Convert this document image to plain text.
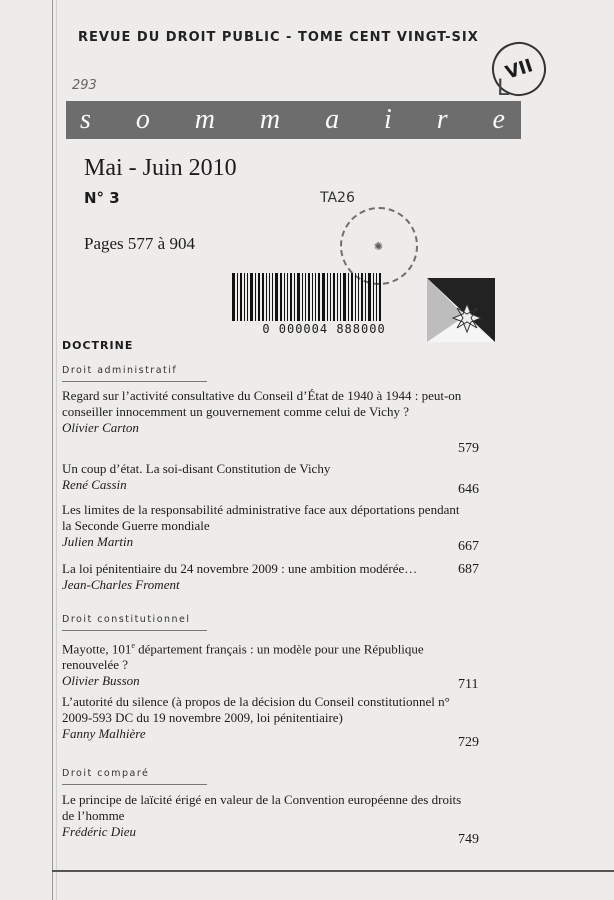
REVUE DU DROIT PUBLIC - TOME CENT VINGT-SIX
VII
L
293
s o m m a i r e
Mai - Juin 2010
N° 3	TA26
Pages 577 à 904	✺
0 000004 888000
DOCTRINE
Droit administratif
Regard sur l’activité consultative du Conseil d’État de 1940 à 1944 : peut-on conseiller innocemment un gouvernement comme celui de Vichy ?
Olivier Carton
579
Un coup d’état. La soi-disant Constitution de Vichy
René Cassin	646
Les limites de la responsabilité administrative face aux déportations pendant la Seconde Guerre mondiale
Julien Martin	667
La loi pénitentiaire du 24 novembre 2009 : une ambition modérée…
Jean-Charles Froment
687
Droit constitutionnel
Mayotte, 101e département français : un modèle pour une République renouvelée ?
Olivier Busson	711
L’autorité du silence (à propos de la décision du Conseil constitutionnel n° 2009-593 DC du 19 novembre 2009, loi pénitentiaire)
Fanny Malhière
729
Droit comparé
Le principe de laïcité érigé en valeur de la Convention européenne des droits de l’homme
Frédéric Dieu
749
